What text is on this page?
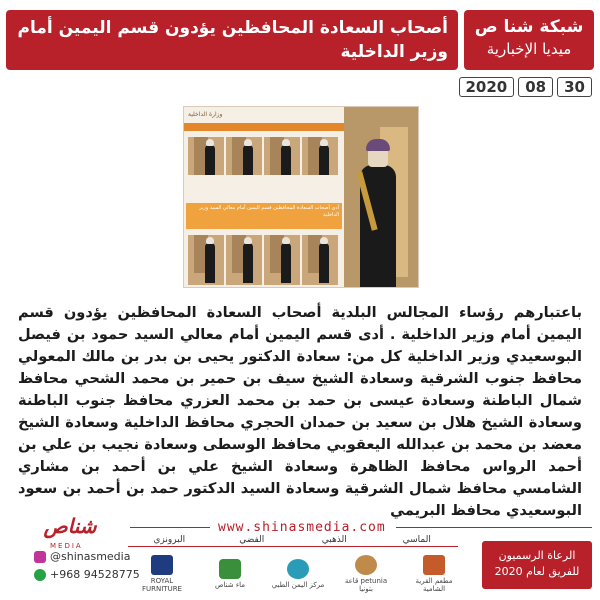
شبكة شنا ص
ميديا الإخبارية
أصحاب السعادة المحافظين يؤدون قسم اليمين أمام وزير الداخلية
2020	08	30
وزارة الداخلية
أدى أصحاب السعادة المحافظين قسم اليمين أمام معالي السيد وزير الداخلية
باعتبارهم رؤساء المجالس البلدية أصحاب السعادة المحافظين يؤدون قسم اليمين أمام وزير الداخلية . أدى قسم اليمين أمام معالي السيد حمود بن فيصل البوسعيدي وزير الداخلية كل من: سعادة الدكتور يحيى بن بدر بن مالك المعولي محافظ جنوب الشرقية وسعادة الشيخ سيف بن حمير بن محمد الشحي محافظ شمال الباطنة وسعادة عيسى بن حمد بن محمد العزري محافظ جنوب الباطنة وسعادة الشيخ هلال بن سعيد بن حمدان الحجري محافظ الداخلية وسعادة الشيخ معضد بن محمد بن عبدالله اليعقوبي محافظ الوسطى وسعادة نجيب بن علي بن أحمد الرواس محافظ الظاهرة وسعادة الشيخ علي بن أحمد بن مشاري الشامسي محافظ شمال الشرقية وسعادة السيد الدكتور حمد بن أحمد بن سعود البوسعيدي محافظ البريمي
شناص
MEDIA
www.shinasmedia.com
@shinasmedia
+968 94528775
الماسي
الذهبي
الفضي
البرونزي
مطعم القرية الشامية
petunia قاعة بتونيا
مركز اليمن الطبي
ماء شناص
ROYAL FURNITURE
الرعاة الرسميون
للفريق لعام 2020
